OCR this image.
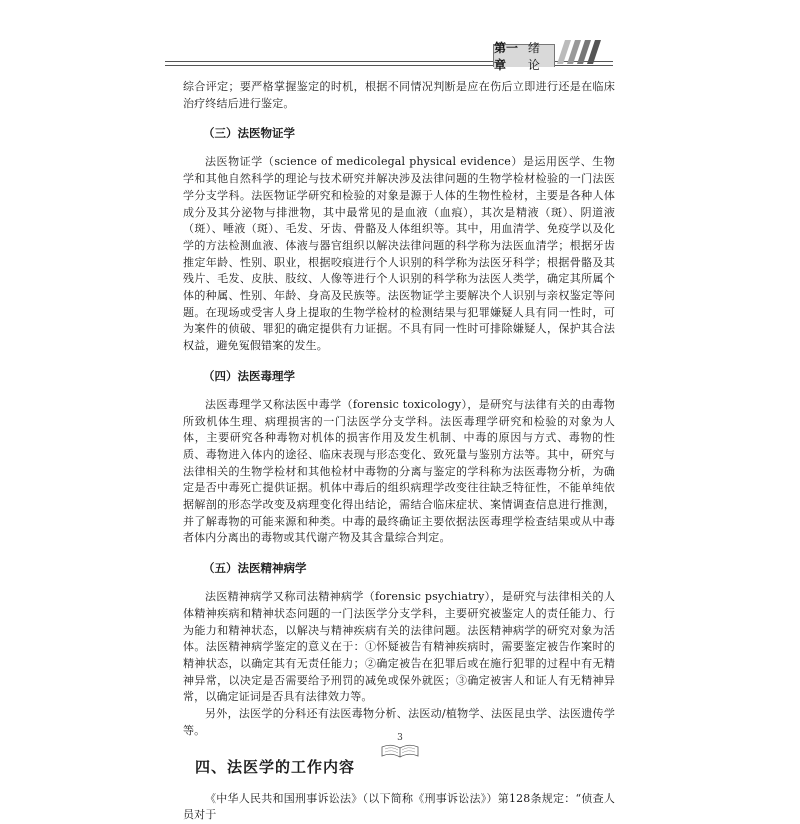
第一章
绪 论

综合评定；要严格掌握鉴定的时机，根据不同情况判断是应在伤后立即进行还是在临床治疗终结后进行鉴定。

（三）法医物证学

法医物证学（science of medicolegal physical evidence）是运用医学、生物学和其他自然科学的理论与技术研究并解决涉及法律问题的生物学检材检验的一门法医学分支学科。法医物证学研究和检验的对象是源于人体的生物性检材，主要是各种人体成分及其分泌物与排泄物，其中最常见的是血液（血痕），其次是精液（斑）、阴道液（斑）、唾液（斑）、毛发、牙齿、骨骼及人体组织等。其中，用血清学、免疫学以及化学的方法检测血液、体液与器官组织以解决法律问题的科学称为法医血清学；根据牙齿推定年龄、性别、职业，根据咬痕进行个人识别的科学称为法医牙科学；根据骨骼及其残片、毛发、皮肤、肢纹、人像等进行个人识别的科学称为法医人类学，确定其所属个体的种属、性别、年龄、身高及民族等。法医物证学主要解决个人识别与亲权鉴定等问题。在现场或受害人身上提取的生物学检材的检测结果与犯罪嫌疑人具有同一性时，可为案件的侦破、罪犯的确定提供有力证据。不具有同一性时可排除嫌疑人，保护其合法权益，避免冤假错案的发生。

（四）法医毒理学

法医毒理学又称法医中毒学（forensic toxicology），是研究与法律有关的由毒物所致机体生理、病理损害的一门法医学分支学科。法医毒理学研究和检验的对象为人体，主要研究各种毒物对机体的损害作用及发生机制、中毒的原因与方式、毒物的性质、毒物进入体内的途径、临床表现与形态变化、致死量与鉴别方法等。其中，研究与法律相关的生物学检材和其他检材中毒物的分离与鉴定的学科称为法医毒物分析，为确定是否中毒死亡提供证据。机体中毒后的组织病理学改变往往缺乏特征性，不能单纯依据解剖的形态学改变及病理变化得出结论，需结合临床症状、案情调查信息进行推测，并了解毒物的可能来源和种类。中毒的最终确证主要依据法医毒理学检查结果或从中毒者体内分离出的毒物或其代谢产物及其含量综合判定。

（五）法医精神病学

法医精神病学又称司法精神病学（forensic psychiatry），是研究与法律相关的人体精神疾病和精神状态问题的一门法医学分支学科，主要研究被鉴定人的责任能力、行为能力和精神状态，以解决与精神疾病有关的法律问题。法医精神病学的研究对象为活体。法医精神病学鉴定的意义在于：①怀疑被告有精神疾病时，需要鉴定被告作案时的精神状态，以确定其有无责任能力；②确定被告在犯罪后或在施行犯罪的过程中有无精神异常，以决定是否需要给予刑罚的减免或保外就医；③确定被害人和证人有无精神异常，以确定证词是否具有法律效力等。

另外，法医学的分科还有法医毒物分析、法医动/植物学、法医昆虫学、法医遗传学等。

四、法医学的工作内容

《中华人民共和国刑事诉讼法》（以下简称《刑事诉讼法》）第128条规定：“侦查人员对于

3
